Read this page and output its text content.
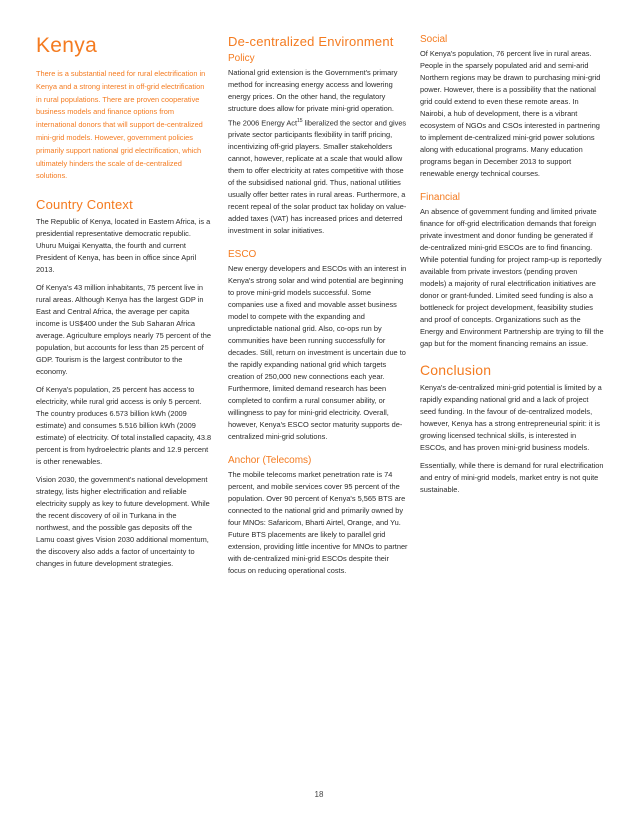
Kenya

There is a substantial need for rural electrification in Kenya and a strong interest in off-grid electrification in rural populations. There are proven cooperative business models and finance options from international donors that will support de-centralized mini-grid models. However, government policies primarily support national grid electrification, which ultimately hinders the scale of de-centralized solutions.

Country Context

The Republic of Kenya, located in Eastern Africa, is a presidential representative democratic republic. Uhuru Muigai Kenyatta, the fourth and current President of Kenya, has been in office since April 2013.

Of Kenya's 43 million inhabitants, 75 percent live in rural areas. Although Kenya has the largest GDP in East and Central Africa, the average per capita income is US$400 under the Sub Saharan Africa average. Agriculture employs nearly 75 percent of the population, but accounts for less than 25 percent of GDP. Tourism is the largest contributor to the economy.

Of Kenya's population, 25 percent has access to electricity, while rural grid access is only 5 percent. The country produces 6.573 billion kWh (2009 estimate) and consumes 5.516 billion kWh (2009 estimate) of electricity. Of total installed capacity, 43.8 percent is from hydroelectric plants and 12.9 percent is other renewables.

Vision 2030, the government's national development strategy, lists higher electrification and reliable electricity supply as key to future development. While the recent discovery of oil in Turkana in the northwest, and the possible gas deposits off the Lamu coast gives Vision 2030 additional momentum, the discovery also adds a factor of uncertainty to changes in future development strategies.

De-centralized Environment
Policy

National grid extension is the Government's primary method for increasing energy access and lowering energy prices. On the other hand, the regulatory structure does allow for private mini-grid operation. The 2006 Energy Act$^{15}$ liberalized the sector and gives private sector participants flexibility in tariff pricing, incentivizing off-grid players. Smaller stakeholders cannot, however, replicate at a scale that would allow them to offer electricity at rates competitive with those of the subsidised national grid. Thus, national utilities usually offer better rates in rural areas. Furthermore, a recent repeal of the solar product tax holiday on value-added taxes (VAT) has increased prices and deterred investment in solar initiatives.

ESCO

New energy developers and ESCOs with an interest in Kenya's strong solar and wind potential are beginning to prove mini-grid models successful. Some companies use a fixed and movable asset business model to compete with the expanding and unpredictable national grid. Also, co-ops run by communities have been running successfully for decades. Still, return on investment is uncertain due to the rapidly expanding national grid which targets creation of 250,000 new connections each year. Furthermore, limited demand research has been completed to confirm a rural consumer ability, or willingness to pay for mini-grid electricity. Overall, however, Kenya's ESCO sector maturity supports de-centralized mini-grid solutions.

Anchor (Telecoms)

The mobile telecoms market penetration rate is 74 percent, and mobile services cover 95 percent of the population. Over 90 percent of Kenya's 5,565 BTS are connected to the national grid and primarily owned by four MNOs: Safaricom, Bharti Airtel, Orange, and Yu. Future BTS placements are likely to parallel grid extension, providing little incentive for MNOs to partner with de-centralized mini-grid ESCOs despite their focus on reducing operational costs.

Social

Of Kenya's population, 76 percent live in rural areas. People in the sparsely populated arid and semi-arid Northern regions may be drawn to purchasing mini-grid power. However, there is a possibility that the national grid could extend to even these remote areas. In Nairobi, a hub of development, there is a vibrant ecosystem of NGOs and CSOs interested in partnering to implement de-centralized mini-grid power solutions along with educational programs. Many education programs began in December 2013 to support renewable energy technical courses.

Financial

An absence of government funding and limited private finance for off-grid electrification demands that foreign private investment and donor funding be generated if de-centralized mini-grid ESCOs are to find financing. While potential funding for project ramp-up is reportedly available from private investors (pending proven models) a majority of rural electrification initiatives are donor or grant-funded. Limited seed funding is also a bottleneck for project development, feasibility studies and proof of concepts. Organizations such as the Energy and Environment Partnership are trying to fill the gap but for the moment financing remains an issue.

Conclusion

Kenya's de-centralized mini-grid potential is limited by a rapidly expanding national grid and a lack of project seed funding. In the favour of de-centralized models, however, Kenya has a strong entrepreneurial spirit: it is growing licensed technical skills, is interested in ESCOs, and has proven mini-grid business models.

Essentially, while there is demand for rural electrification and entry of mini-grid models, market entry is not quite sustainable.

18
